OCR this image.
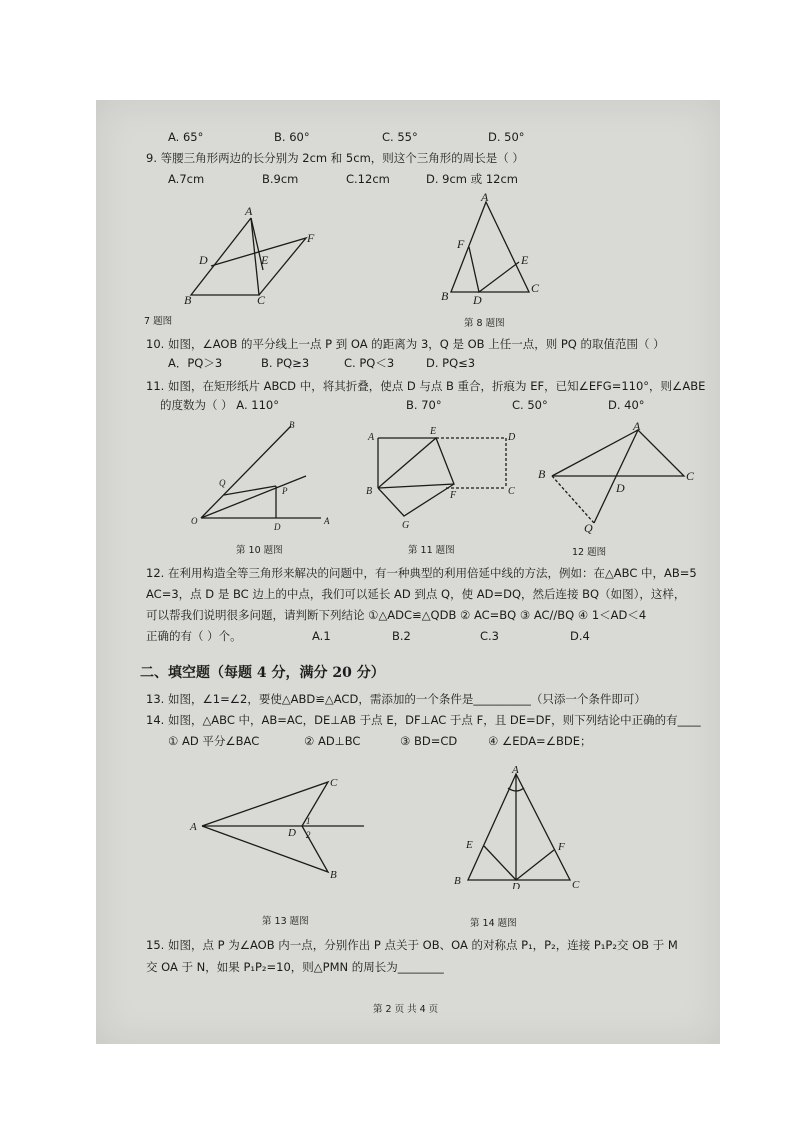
A. 65°	B. 60°	C. 55°	D. 50°
9. 等腰三角形两边的长分别为 2cm 和 5cm，则这个三角形的周长是（ ）
A.7cm	B.9cm	C.12cm	D. 9cm 或 12cm
A
B	C
D	E
F
7 题图
A
B
C
D
E
F
第 8 题图
10. 如图，∠AOB 的平分线上一点 P 到 OA 的距离为 3，Q 是 OB 上任一点，则 PQ 的取值范围（ ）
A．PQ＞3	B. PQ≥3	C. PQ＜3	D. PQ≤3
11. 如图，在矩形纸片 ABCD 中，将其折叠，使点 D 与点 B 重合，折痕为 EF，已知∠EFG=110°，则∠ABE
的度数为（ ） A. 110°	B. 70°	C. 50°	D. 40°
B
Q
P
O
D
A
第 10 题图
A
E
D
B	F	C
G
第 11 题图
A
B	C
D
Q
12 题图
12. 在利用构造全等三角形来解决的问题中，有一种典型的利用倍延中线的方法，例如：在△ABC 中，AB=5
AC=3，点 D 是 BC 边上的中点，我们可以延长 AD 到点 Q，使 AD=DQ，然后连接 BQ（如图），这样，
可以帮我们说明很多问题，请判断下列结论 ①△ADC≌△QDB ② AC=BQ ③ AC//BQ ④ 1＜AD＜4
正确的有（ ）个。	A.1	B.2	C.3	D.4
二、填空题（每题 4 分，满分 20 分）
13. 如图，∠1=∠2，要使△ABD≌△ACD，需添加的一个条件是__________（只添一个条件即可）
14. 如图，△ABC 中，AB=AC，DE⊥AB 于点 E，DF⊥AC 于点 F，且 DE=DF，则下列结论中正确的有____
① AD 平分∠BAC	② AD⊥BC	③ BD=CD	④ ∠EDA=∠BDE；
A
C
B
D
1
2
第 13 题图
A
B	C
D
E	F
第 14 题图
15. 如图，点 P 为∠AOB 内一点，分别作出 P 点关于 OB、OA 的对称点 P₁，P₂，连接 P₁P₂交 OB 于 M
交 OA 于 N，如果 P₁P₂=10，则△PMN 的周长为________
第 2 页 共 4 页
